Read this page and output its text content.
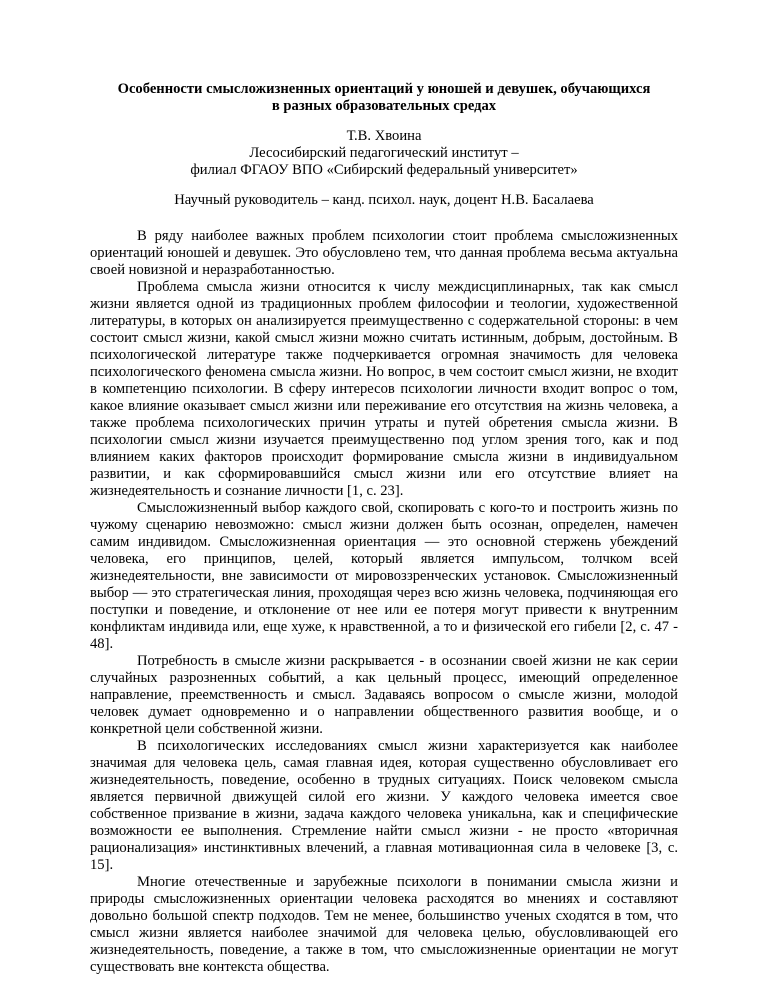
Особенности смысложизненных ориентаций у юношей и девушек, обучающихся
в разных образовательных средах
Т.В. Хвоина
Лесосибирский педагогический институт –
филиал ФГАОУ ВПО «Сибирский федеральный университет»
Научный руководитель – канд. психол. наук, доцент Н.В. Басалаева

В ряду наиболее важных проблем психологии стоит проблема смысложизненных ориентаций юношей и девушек. Это обусловлено тем, что данная проблема весьма актуальна своей новизной и неразработанностью.

Проблема смысла жизни относится к числу междисциплинарных, так как смысл жизни является одной из традиционных проблем философии и теологии, художественной литературы, в которых он анализируется преимущественно с содержательной стороны: в чем состоит смысл жизни, какой смысл жизни можно считать истинным, добрым, достойным. В психологической литературе также подчеркивается огромная значимость для человека психологического феномена смысла жизни. Но вопрос, в чем состоит смысл жизни, не входит в компетенцию психологии. В сферу интересов психологии личности входит вопрос о том, какое влияние оказывает смысл жизни или переживание его отсутствия на жизнь человека, а также проблема психологических причин утраты и путей обретения смысла жизни. В психологии смысл жизни изучается преимущественно под углом зрения того, как и под влиянием каких факторов происходит формирование смысла жизни в индивидуальном развитии, и как сформировавшийся смысл жизни или его отсутствие влияет на жизнедеятельность и сознание личности [1, с. 23].

Смысложизненный выбор каждого свой, скопировать с кого-то и построить жизнь по чужому сценарию невозможно: смысл жизни должен быть осознан, определен, намечен самим индивидом. Смысложизненная ориентация — это основной стержень убеждений человека, его принципов, целей, который является импульсом, толчком всей жизнедеятельности, вне зависимости от мировоззренческих установок. Смысложизненный выбор — это стратегическая линия, проходящая через всю жизнь человека, подчиняющая его поступки и поведение, и отклонение от нее или ее потеря могут привести к внутренним конфликтам индивида или, еще хуже, к нравственной, а то и физической его гибели [2, с. 47 - 48].

Потребность в смысле жизни раскрывается - в осознании своей жизни не как серии случайных разрозненных событий, а как цельный процесс, имеющий определенное направление, преемственность и смысл. Задаваясь вопросом о смысле жизни, молодой человек думает одновременно и о направлении общественного развития вообще, и о конкретной цели собственной жизни.

В психологических исследованиях смысл жизни характеризуется как наиболее значимая для человека цель, самая главная идея, которая существенно обусловливает его жизнедеятельность, поведение, особенно в трудных ситуациях. Поиск человеком смысла является первичной движущей силой его жизни. У каждого человека имеется свое собственное призвание в жизни, задача каждого человека уникальна, как и специфические возможности ее выполнения. Стремление найти смысл жизни - не просто «вторичная рационализация» инстинктивных влечений, а главная мотивационная сила в человеке [3, с. 15].

Многие отечественные и зарубежные психологи в понимании смысла жизни и природы смысложизненных ориентации человека расходятся во мнениях и составляют довольно большой спектр подходов. Тем не менее, большинство ученых сходятся в том, что смысл жизни является наиболее значимой для человека целью, обусловливающей его жизнедеятельность, поведение, а также в том, что смысложизненные ориентации не могут существовать вне контекста общества.
